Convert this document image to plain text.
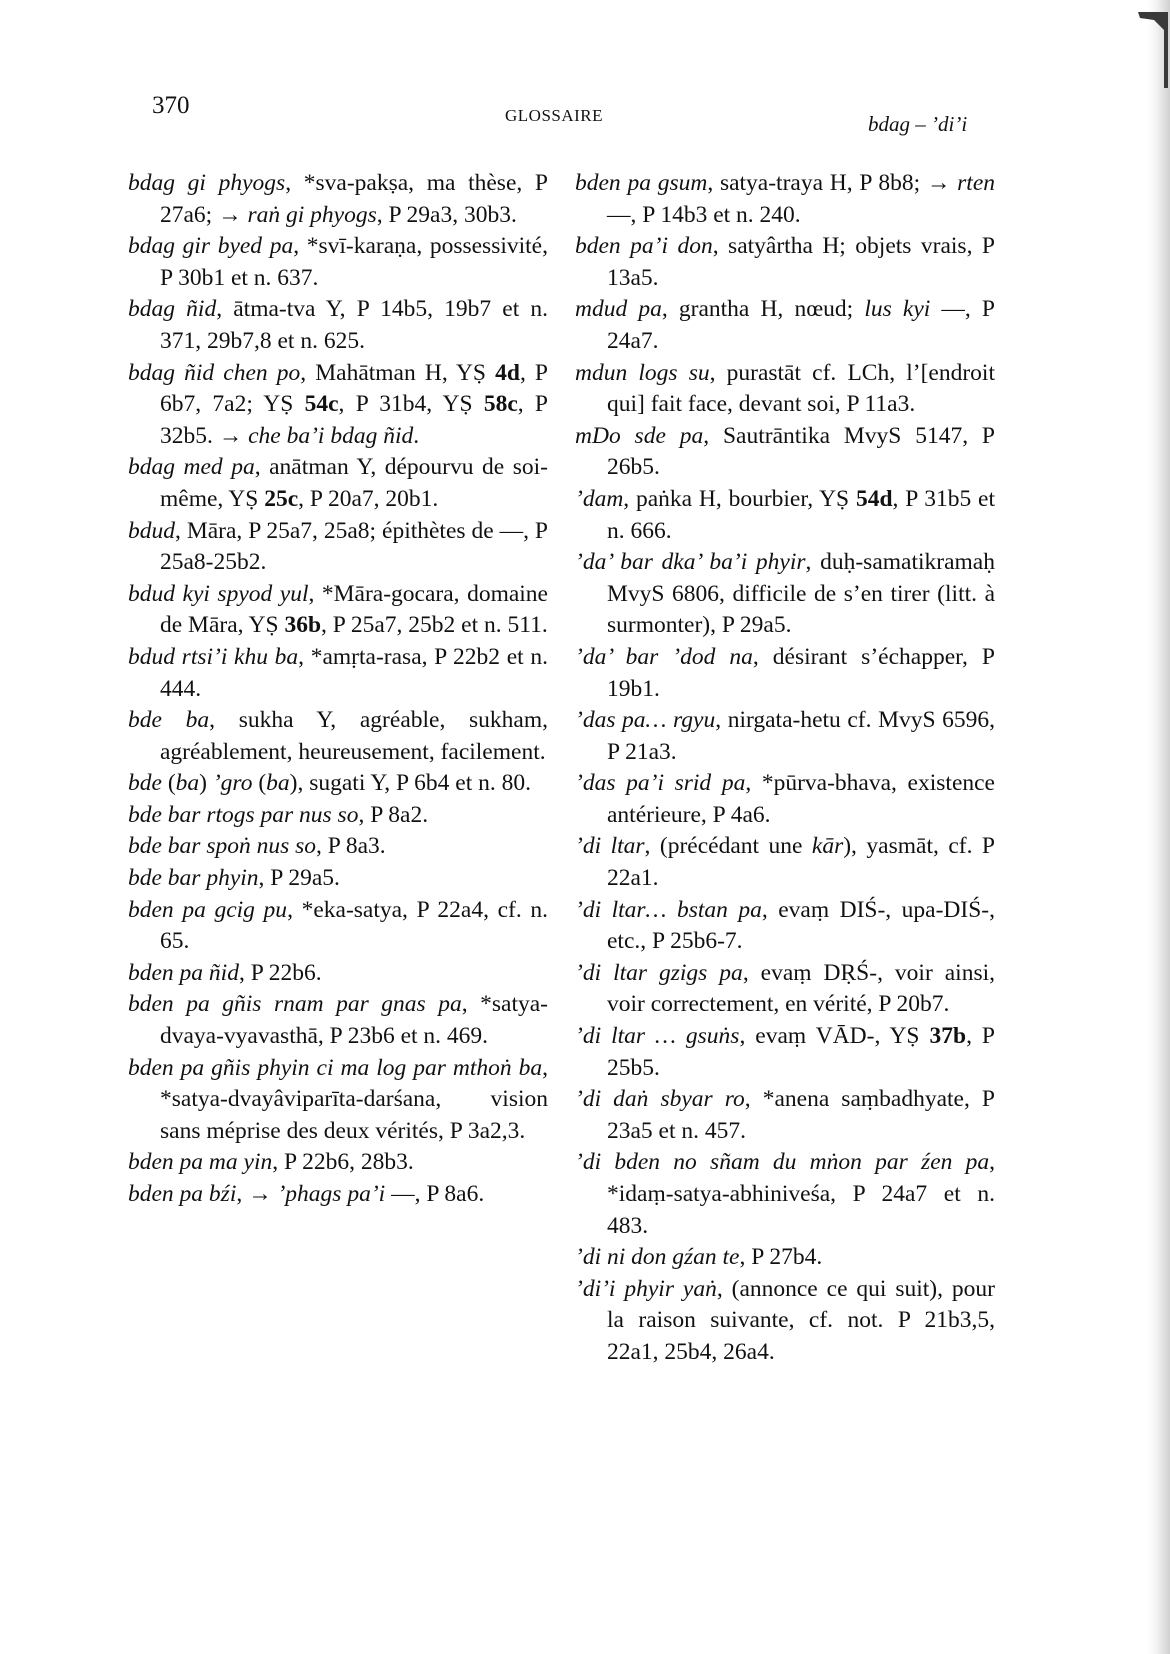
370	GLOSSAIRE	bdag – ’di’i
bdag gi phyogs, *sva-pakṣa, ma thèse, P 27a6; → raṅ gi phyogs, P 29a3, 30b3.
bdag gir byed pa, *svī-karaṇa, possessivité, P 30b1 et n. 637.
bdag ñid, ātma-tva Y, P 14b5, 19b7 et n. 371, 29b7,8 et n. 625.
bdag ñid chen po, Mahātman H, YṢ 4d, P 6b7, 7a2; YṢ 54c, P 31b4, YṢ 58c, P 32b5. → che ba’i bdag ñid.
bdag med pa, anātman Y, dépourvu de soi-même, YṢ 25c, P 20a7, 20b1.
bdud, Māra, P 25a7, 25a8; épithètes de —, P 25a8-25b2.
bdud kyi spyod yul, *Māra-gocara, domaine de Māra, YṢ 36b, P 25a7, 25b2 et n. 511.
bdud rtsi’i khu ba, *amṛta-rasa, P 22b2 et n. 444.
bde ba, sukha Y, agréable, sukham, agréablement, heureusement, facilement.
bde (ba) ’gro (ba), sugati Y, P 6b4 et n. 80.
bde bar rtogs par nus so, P 8a2.
bde bar spoṅ nus so, P 8a3.
bde bar phyin, P 29a5.
bden pa gcig pu, *eka-satya, P 22a4, cf. n. 65.
bden pa ñid, P 22b6.
bden pa gñis rnam par gnas pa, *satya-dvaya-vyavasthā, P 23b6 et n. 469.
bden pa gñis phyin ci ma log par mthoṅ ba, *satya-dvayâviparīta-darśana, vision sans méprise des deux vérités, P 3a2,3.
bden pa ma yin, P 22b6, 28b3.
bden pa bźi, → ’phags pa’i —, P 8a6.
bden pa gsum, satya-traya H, P 8b8; → rten —, P 14b3 et n. 240.
bden pa’i don, satyârtha H; objets vrais, P 13a5.
mdud pa, grantha H, nœud; lus kyi —, P 24a7.
mdun logs su, purastāt cf. LCh, l’[endroit qui] fait face, devant soi, P 11a3.
mDo sde pa, Sautrāntika MvyS 5147, P 26b5.
’dam, paṅka H, bourbier, YṢ 54d, P 31b5 et n. 666.
’da’ bar dka’ ba’i phyir, duḥ-samatikramaḥ MvyS 6806, difficile de s’en tirer (litt. à surmonter), P 29a5.
’da’ bar ’dod na, désirant s’échapper, P 19b1.
’das pa… rgyu, nirgata-hetu cf. MvyS 6596, P 21a3.
’das pa’i srid pa, *pūrva-bhava, existence antérieure, P 4a6.
’di ltar, (précédant une kār), yasmāt, cf. P 22a1.
’di ltar… bstan pa, evaṃ DIŚ-, upa-DIŚ-, etc., P 25b6-7.
’di ltar gzigs pa, evaṃ DṚŚ-, voir ainsi, voir correctement, en vérité, P 20b7.
’di ltar … gsuṅs, evaṃ VĀD-, YṢ 37b, P 25b5.
’di daṅ sbyar ro, *anena saṃbadhyate, P 23a5 et n. 457.
’di bden no sñam du mṅon par źen pa, *idaṃ-satya-abhiniveśa, P 24a7 et n. 483.
’di ni don gźan te, P 27b4.
’di’i phyir yaṅ, (annonce ce qui suit), pour la raison suivante, cf. not. P 21b3,5, 22a1, 25b4, 26a4.
